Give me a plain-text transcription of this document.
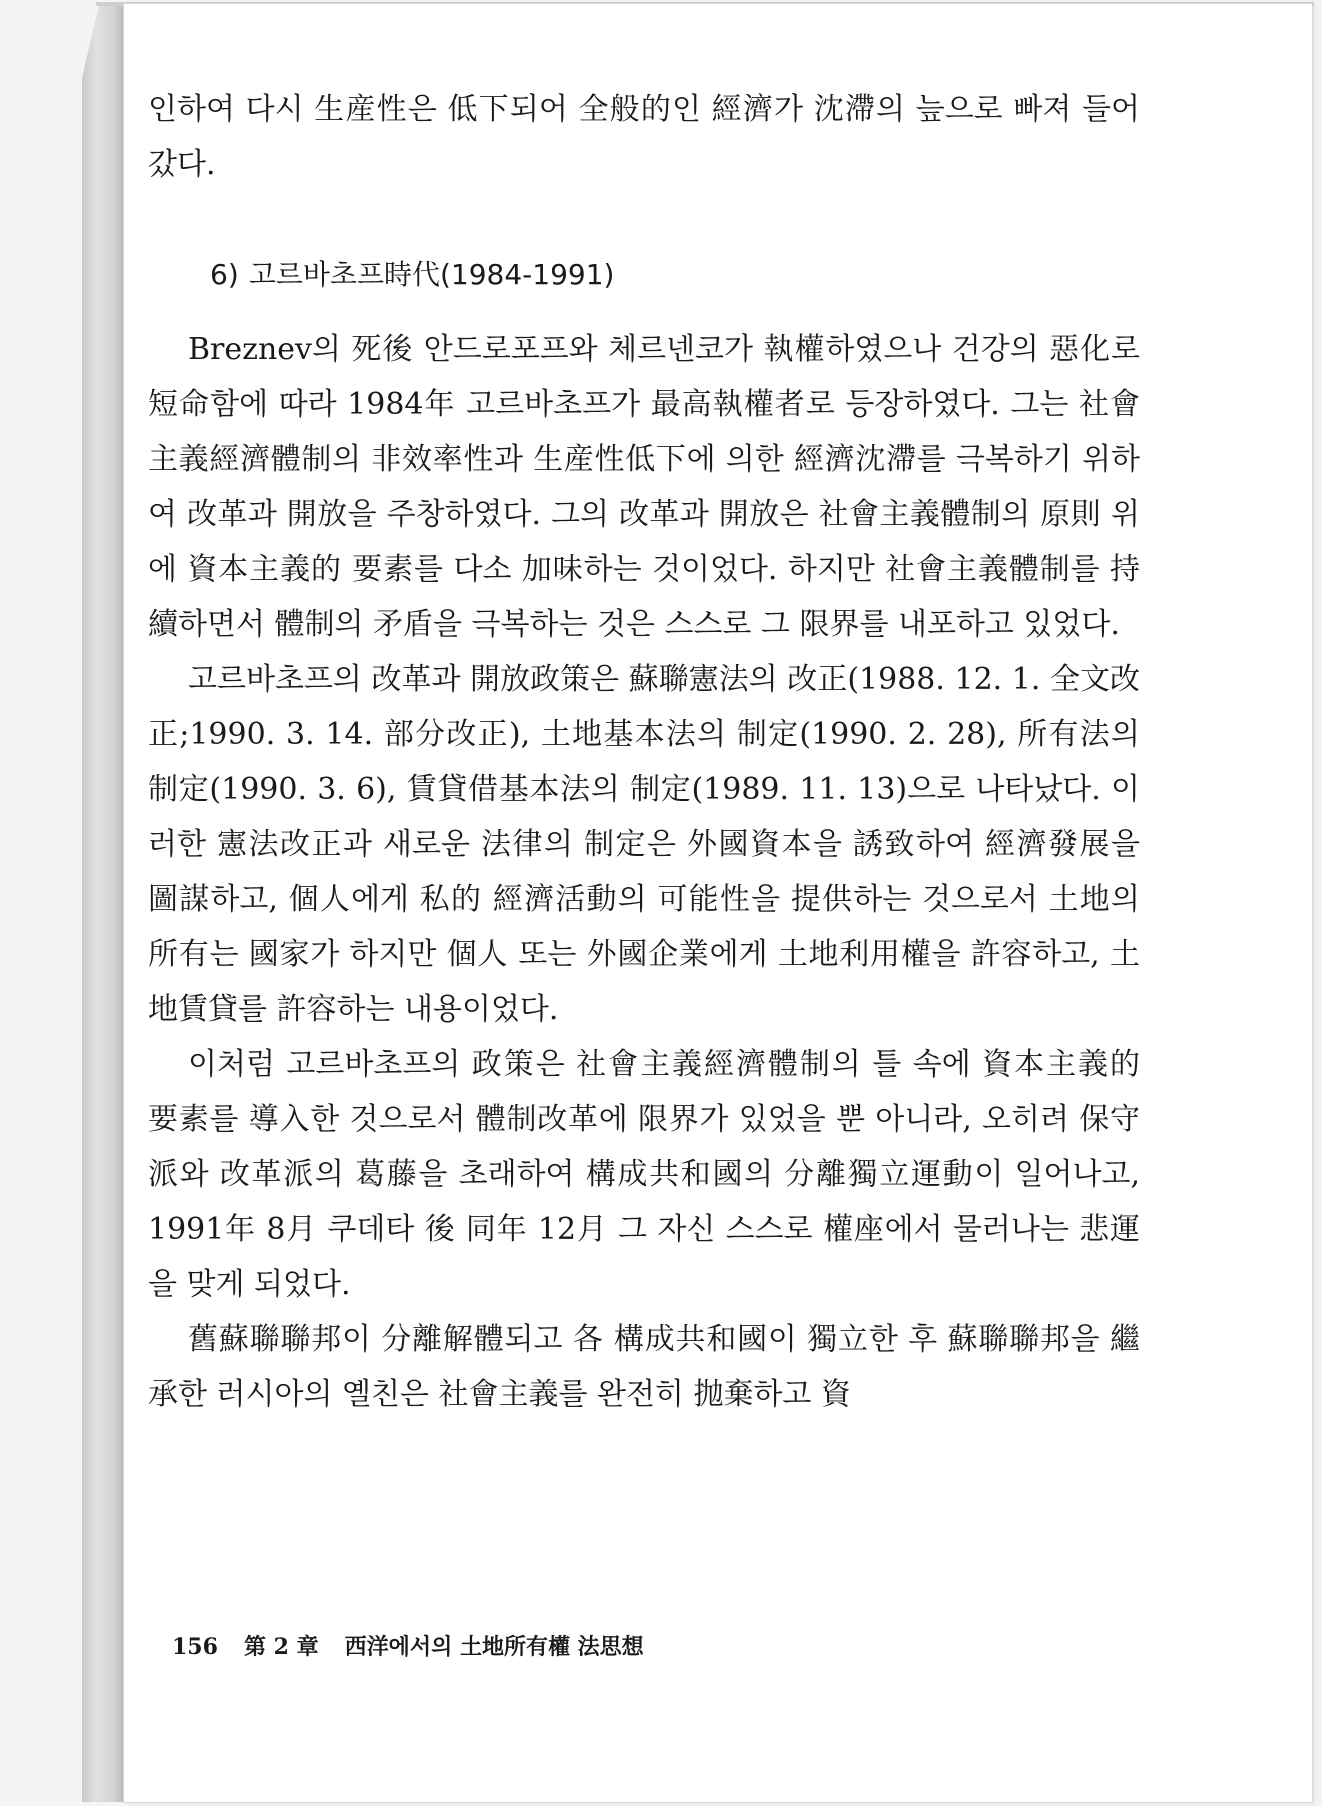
인하여 다시 生産性은 低下되어 全般的인 經濟가 沈滯의 늪으로 빠져 들어갔다.

6) 고르바초프時代(1984-1991)

Breznev의 死後 안드로포프와 체르넨코가 執權하였으나 건강의 惡化로 短命함에 따라 1984年 고르바초프가 最高執權者로 등장하였다. 그는 社會主義經濟體制의 非效率性과 生産性低下에 의한 經濟沈滯를 극복하기 위하여 改革과 開放을 주창하였다. 그의 改革과 開放은 社會主義體制의 原則 위에 資本主義的 要素를 다소 加味하는 것이었다. 하지만 社會主義體制를 持續하면서 體制의 矛盾을 극복하는 것은 스스로 그 限界를 내포하고 있었다.

고르바초프의 改革과 開放政策은 蘇聯憲法의 改正(1988. 12. 1. 全文改正;1990. 3. 14. 部分改正), 土地基本法의 制定(1990. 2. 28), 所有法의 制定(1990. 3. 6), 賃貸借基本法의 制定(1989. 11. 13)으로 나타났다. 이러한 憲法改正과 새로운 法律의 制定은 外國資本을 誘致하여 經濟發展을 圖謀하고, 個人에게 私的 經濟活動의 可能性을 提供하는 것으로서 土地의 所有는 國家가 하지만 個人 또는 外國企業에게 土地利用權을 許容하고, 土地賃貸를 許容하는 내용이었다.

이처럼 고르바초프의 政策은 社會主義經濟體制의 틀 속에 資本主義的 要素를 導入한 것으로서 體制改革에 限界가 있었을 뿐 아니라, 오히려 保守派와 改革派의 葛藤을 초래하여 構成共和國의 分離獨立運動이 일어나고, 1991年 8月 쿠데타 後 同年 12月 그 자신 스스로 權座에서 물러나는 悲運을 맞게 되었다.

舊蘇聯聯邦이 分離解體되고 各 構成共和國이 獨立한 후 蘇聯聯邦을 繼承한 러시아의 옐친은 社會主義를 완전히 抛棄하고 資

156 第 2 章 西洋에서의 土地所有權 法思想
